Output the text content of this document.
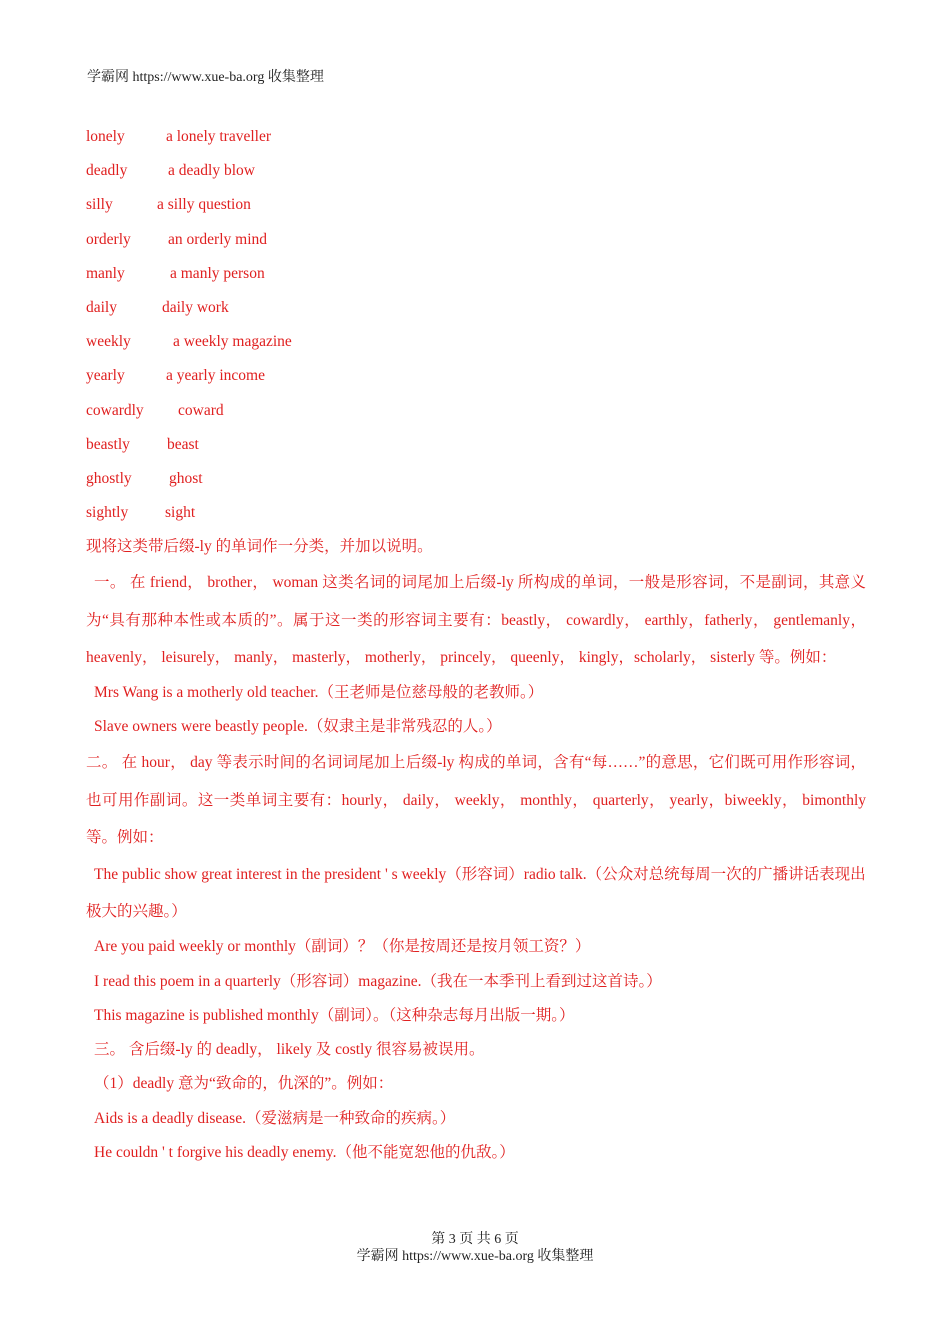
学霸网 https://www.xue-ba.org 收集整理
lonely	a lonely traveller
deadly	a deadly blow
silly	a silly question
orderly an orderly mind
manly	a manly person
daily	daily work
weekly	a weekly magazine
yearly	a yearly income
cowardly coward
beastly beast
ghostly ghost
sightly sight
现将这类带后缀-ly 的单词作一分类，并加以说明。

一。 在 friend， brother， woman 这类名词的词尾加上后缀-ly 所构成的单词，一般是形容词，不是副词，其意义为“具有那种本性或本质的”。属于这一类的形容词主要有：beastly， cowardly， earthly，fatherly， gentlemanly， heavenly， leisurely， manly， masterly， motherly， princely， queenly， kingly，scholarly， sisterly 等。例如：

Mrs Wang is a motherly old teacher.（王老师是位慈母般的老教师。）
Slave owners were beastly people.（奴隶主是非常残忍的人。）

二。 在 hour， day 等表示时间的名词词尾加上后缀-ly 构成的单词，含有“每……”的意思，它们既可用作形容词，也可用作副词。这一类单词主要有：hourly， daily， weekly， monthly， quarterly， yearly，biweekly， bimonthly 等。例如：

The public show great interest in the president ' s weekly（形容词）radio talk.（公众对总统每周一次的广播讲话表现出极大的兴趣。）

Are you paid weekly or monthly（副词）？（你是按周还是按月领工资？）
I read this poem in a quarterly（形容词）magazine.（我在一本季刊上看到过这首诗。）
This magazine is published monthly（副词）。（这种杂志每月出版一期。）
三。 含后缀-ly 的 deadly， likely 及 costly 很容易被误用。
（1）deadly 意为“致命的，仇深的”。例如：
Aids is a deadly disease.（爱滋病是一种致命的疾病。）
He couldn ' t forgive his deadly enemy.（他不能宽恕他的仇敌。）
第 3 页 共 6 页
学霸网 https://www.xue-ba.org 收集整理
